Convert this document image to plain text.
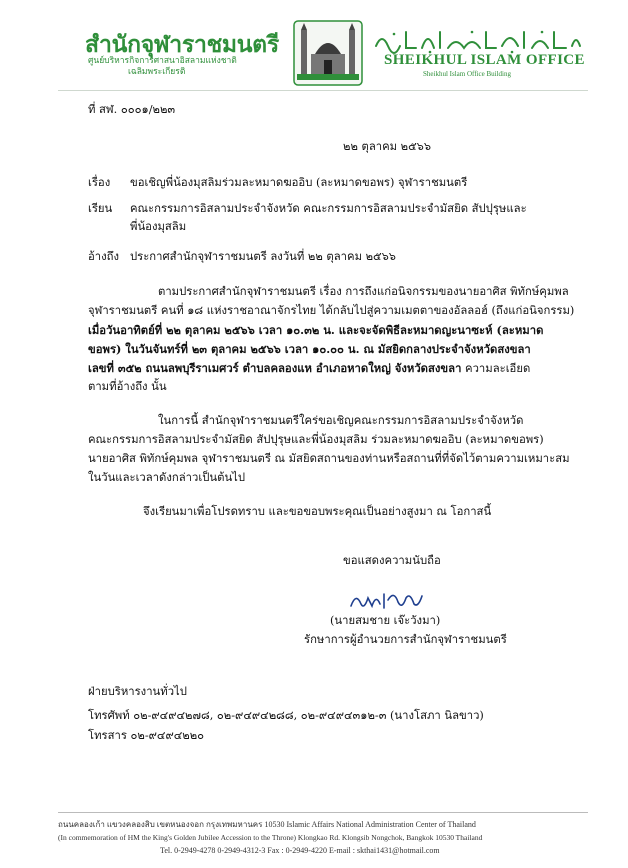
สำนักจุฬาราชมนตรี
ศูนย์บริหารกิจการศาสนาอิสลามแห่งชาติ
เฉลิมพระเกียรติ
SHEIKHUL ISLAM OFFICE
Sheikhul Islam Office Building
ที่ สฬ. ๐๐๐๑/๒๒๓
๒๒ ตุลาคม ๒๕๖๖
เรื่อง ขอเชิญพี่น้องมุสลิมร่วมละหมาดฆออิบ (ละหมาดขอพร) จุฬาราชมนตรี
เรียน คณะกรรมการอิสลามประจำจังหวัด คณะกรรมการอิสลามประจำมัสยิด สัปปุรุษและ
พี่น้องมุสลิม
อ้างถึง ประกาศสำนักจุฬาราชมนตรี ลงวันที่ ๒๒ ตุลาคม ๒๕๖๖
ตามประกาศสำนักจุฬาราชมนตรี เรื่อง การถึงแก่อนิจกรรมของนายอาศิส พิทักษ์คุมพล
จุฬาราชมนตรี คนที่ ๑๘ แห่งราชอาณาจักรไทย ได้กลับไปสู่ความเมตตาของอัลลอฮ์ (ถึงแก่อนิจกรรม)
เมื่อวันอาทิตย์ที่ ๒๒ ตุลาคม ๒๕๖๖ เวลา ๑๐.๓๒ น. และจะจัดพิธีละหมาดญะนาซะห์ (ละหมาด
ขอพร) ในวันจันทร์ที่ ๒๓ ตุลาคม ๒๕๖๖ เวลา ๑๐.๐๐ น. ณ มัสยิดกลางประจำจังหวัดสงขลา
เลขที่ ๓๕๒ ถนนลพบุรีราเมศวร์ ตำบลคลองแห อำเภอหาดใหญ่ จังหวัดสงขลา ความละเอียด
ตามที่อ้างถึง นั้น
ในการนี้ สำนักจุฬาราชมนตรีใคร่ขอเชิญคณะกรรมการอิสลามประจำจังหวัด
คณะกรรมการอิสลามประจำมัสยิด สัปปุรุษและพี่น้องมุสลิม ร่วมละหมาดฆออิบ (ละหมาดขอพร)
นายอาศิส พิทักษ์คุมพล จุฬาราชมนตรี ณ มัสยิดสถานของท่านหรือสถานที่ที่จัดไว้ตามความเหมาะสม
ในวันและเวลาดังกล่าวเป็นต้นไป
จึงเรียนมาเพื่อโปรดทราบ และขอขอบพระคุณเป็นอย่างสูงมา ณ โอกาสนี้
ขอแสดงความนับถือ
(นายสมชาย เจ๊ะวังมา)
รักษาการผู้อำนวยการสำนักจุฬาราชมนตรี
ฝ่ายบริหารงานทั่วไป
โทรศัพท์ ๐๒-๙๔๙๔๒๗๘, ๐๒-๙๔๙๔๒๘๘, ๐๒-๙๔๙๔๓๑๒-๓ (นางโสภา นิลขาว)
โทรสาร ๐๒-๙๔๙๔๒๒๐
ถนนคลองเก้า แขวงคลองสิบ เขตหนองจอก กรุงเทพมหานคร 10530 Islamic Affairs National Administration Center of Thailand
(In commemoration of HM the King's Golden Jubilee Accession to the Throne) Klongkao Rd. Klongsib Nongchok, Bangkok 10530 Thailand
Tel. 0-2949-4278 0-2949-4312-3 Fax : 0-2949-4220 E-mail : skthai1431@hotmail.com
